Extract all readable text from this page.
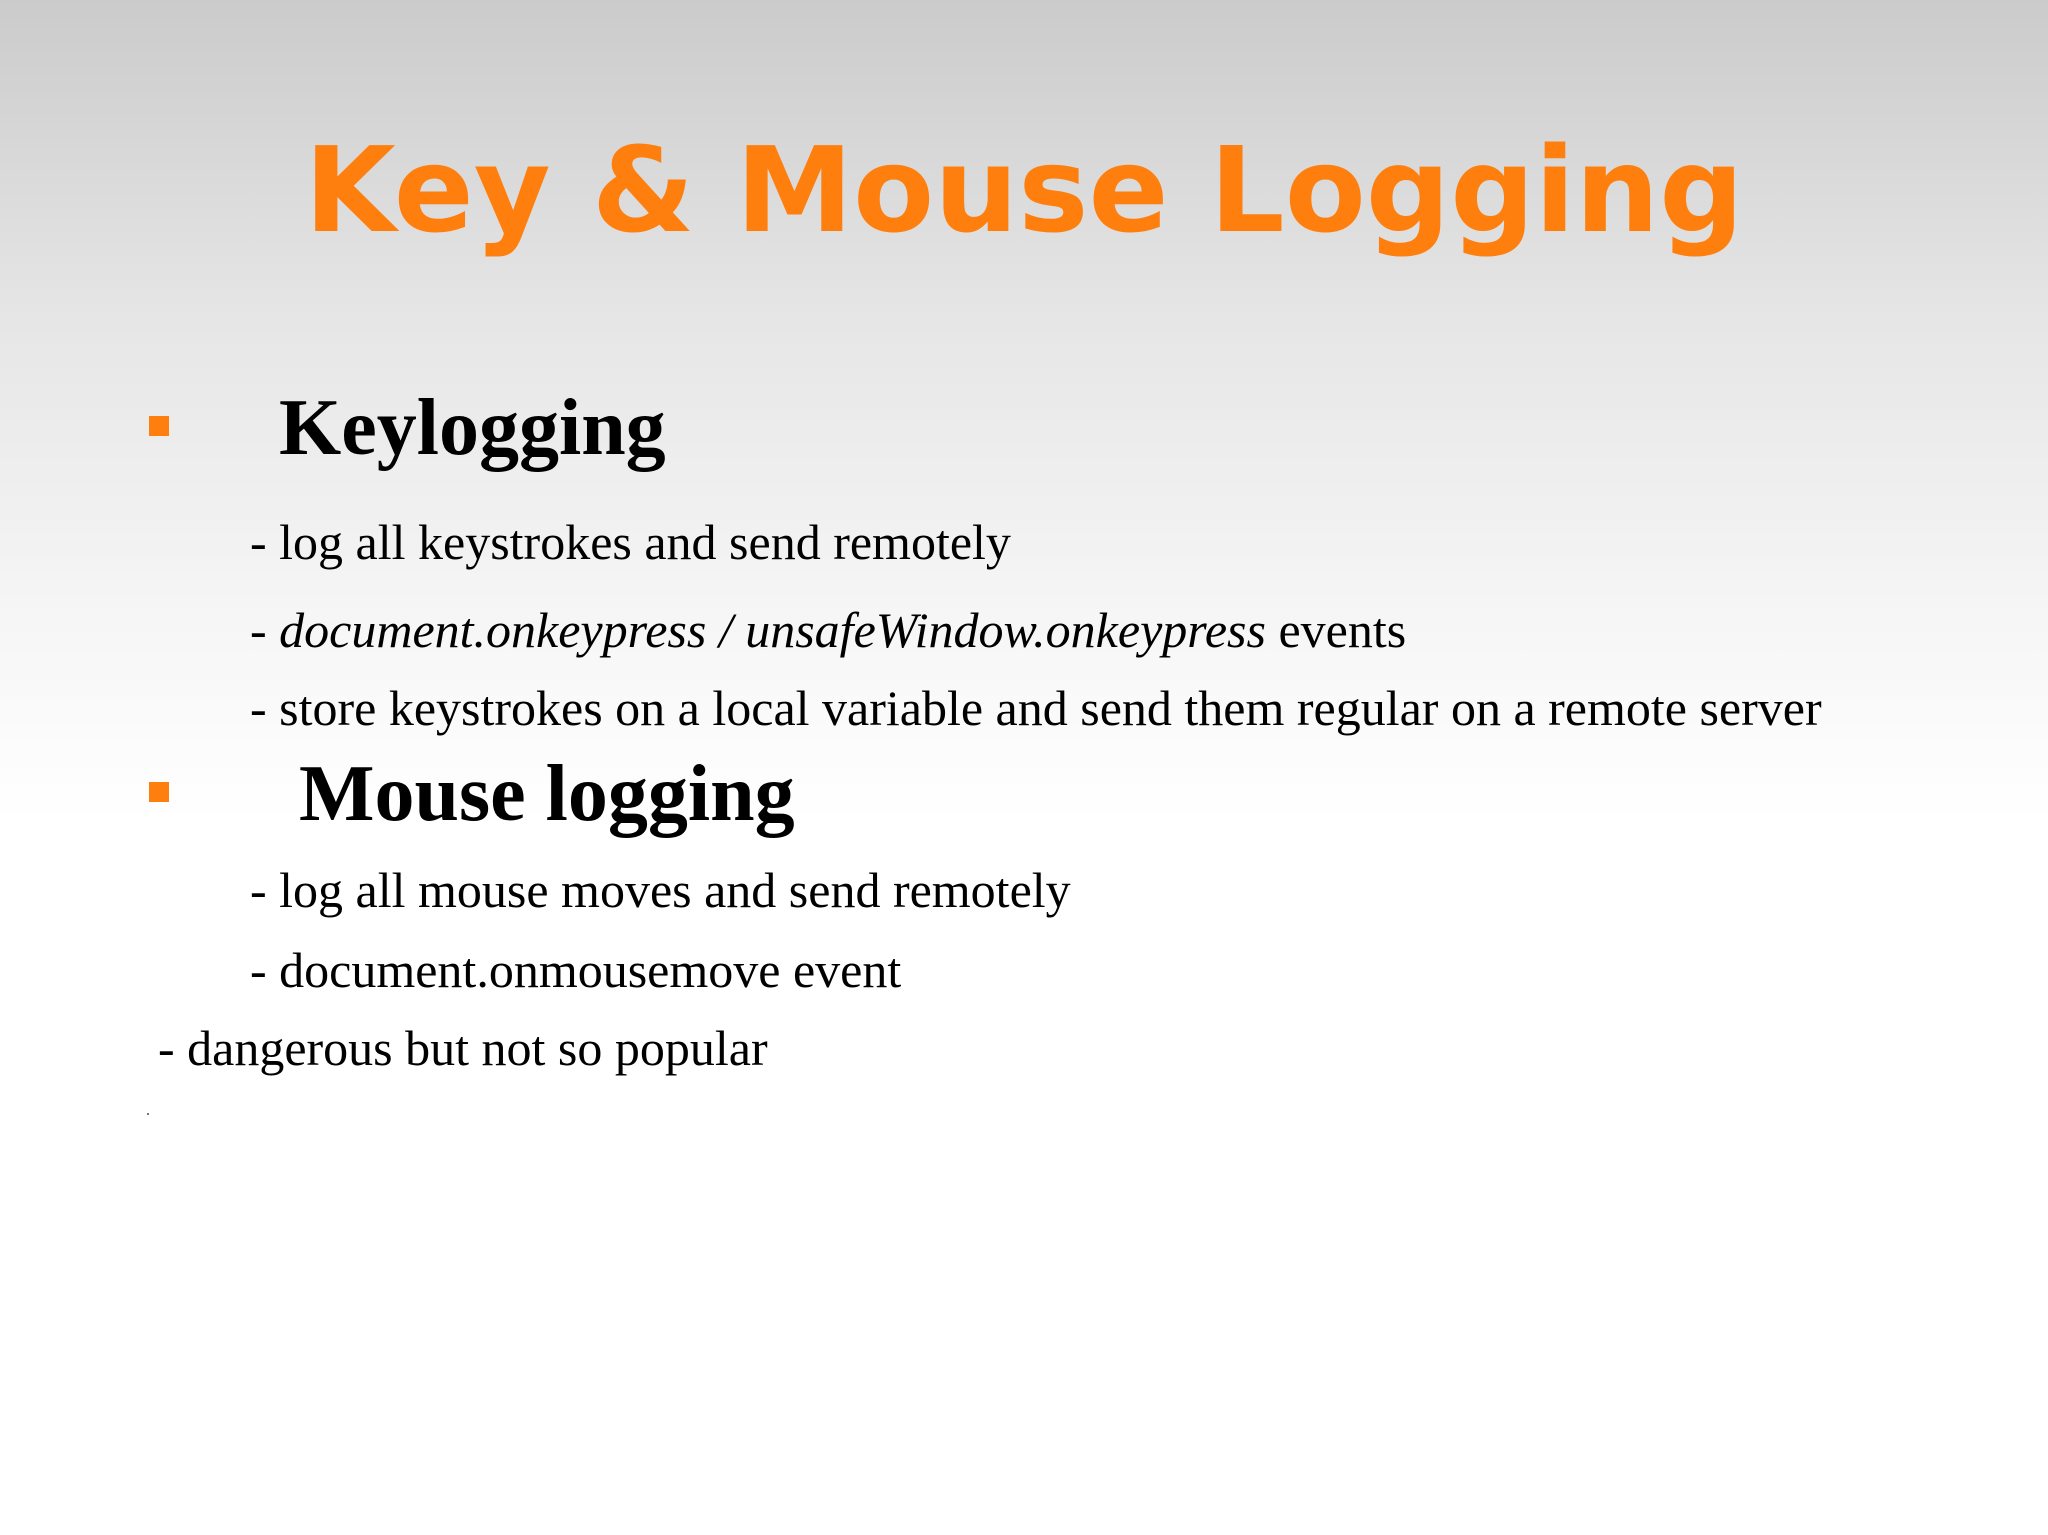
Key & Mouse Logging
Keylogging
- log all keystrokes and send remotely
- document.onkeypress / unsafeWindow.onkeypress events
- store keystrokes on a local variable and send them regular on a remote server
Mouse logging
- log all mouse moves and send remotely
- document.onmousemove event
- dangerous but not so popular
